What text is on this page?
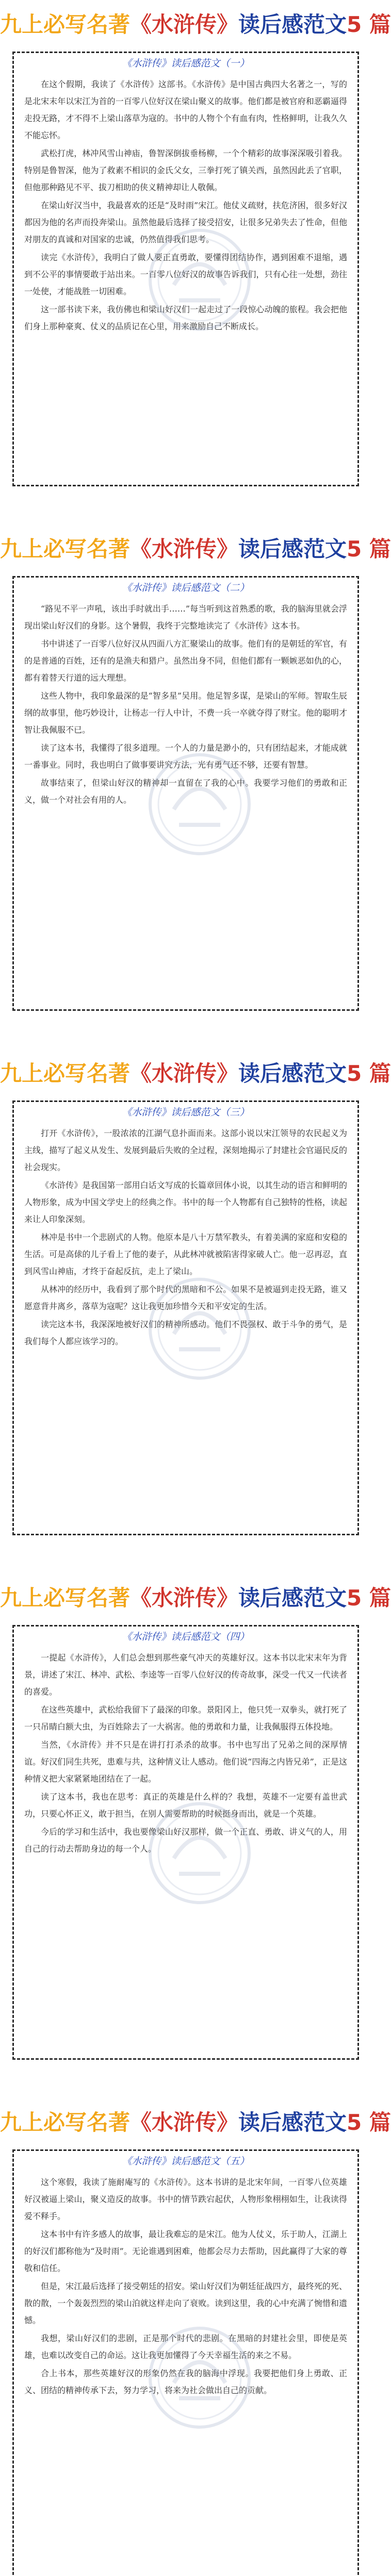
九上必写名著《水浒传》读后感范文5 篇
《水浒传》读后感范文（一）

在这个假期，我读了《水浒传》这部书。《水浒传》是中国古典四大名著之一，写的是北宋末年以宋江为首的一百零八位好汉在梁山聚义的故事。他们都是被官府和恶霸逼得走投无路，才不得不上梁山落草为寇的。书中的人物个个有血有肉，性格鲜明，让我久久不能忘怀。

武松打虎，林冲风雪山神庙，鲁智深倒拔垂杨柳，一个个精彩的故事深深吸引着我。特别是鲁智深，他为了救素不相识的金氏父女，三拳打死了镇关西，虽然因此丢了官职，但他那种路见不平、拔刀相助的侠义精神却让人敬佩。

在梁山好汉当中，我最喜欢的还是“及时雨”宋江。他仗义疏财，扶危济困，很多好汉都因为他的名声而投奔梁山。虽然他最后选择了接受招安，让很多兄弟失去了性命，但他对朋友的真诚和对国家的忠诚，仍然值得我们思考。

读完《水浒传》，我明白了做人要正直勇敢，要懂得团结协作，遇到困难不退缩，遇到不公平的事情要敢于站出来。一百零八位好汉的故事告诉我们，只有心往一处想，劲往一处使，才能战胜一切困难。

这一部书读下来，我仿佛也和梁山好汉们一起走过了一段惊心动魄的旅程。我会把他们身上那种豪爽、仗义的品质记在心里，用来激励自己不断成长。

九上必写名著《水浒传》读后感范文5 篇
《水浒传》读后感范文（二）

“路见不平一声吼，该出手时就出手……”每当听到这首熟悉的歌，我的脑海里就会浮现出梁山好汉们的身影。这个暑假，我终于完整地读完了《水浒传》这本书。

书中讲述了一百零八位好汉从四面八方汇聚梁山的故事。他们有的是朝廷的军官，有的是普通的百姓，还有的是渔夫和猎户。虽然出身不同，但他们都有一颗嫉恶如仇的心，都有着替天行道的远大理想。

这些人物中，我印象最深的是“智多星”吴用。他足智多谋，是梁山的军师。智取生辰纲的故事里，他巧妙设计，让杨志一行人中计，不费一兵一卒就夺得了财宝。他的聪明才智让我佩服不已。

读了这本书，我懂得了很多道理。一个人的力量是渺小的，只有团结起来，才能成就一番事业。同时，我也明白了做事要讲究方法，光有勇气还不够，还要有智慧。

故事结束了，但梁山好汉的精神却一直留在了我的心中。我要学习他们的勇敢和正义，做一个对社会有用的人。

九上必写名著《水浒传》读后感范文5 篇
《水浒传》读后感范文（三）

打开《水浒传》，一股浓浓的江湖气息扑面而来。这部小说以宋江领导的农民起义为主线，描写了起义从发生、发展到最后失败的全过程，深刻地揭示了封建社会官逼民反的社会现实。

《水浒传》是我国第一部用白话文写成的长篇章回体小说，以其生动的语言和鲜明的人物形象，成为中国文学史上的经典之作。书中的每一个人物都有自己独特的性格，读起来让人印象深刻。

林冲是书中一个悲剧式的人物。他原本是八十万禁军教头，有着美满的家庭和安稳的生活。可是高俅的儿子看上了他的妻子，从此林冲就被陷害得家破人亡。他一忍再忍，直到风雪山神庙，才终于奋起反抗，走上了梁山。

从林冲的经历中，我看到了那个时代的黑暗和不公。如果不是被逼到走投无路，谁又愿意背井离乡，落草为寇呢？这让我更加珍惜今天和平安定的生活。

读完这本书，我深深地被好汉们的精神所感动。他们不畏强权、敢于斗争的勇气，是我们每个人都应该学习的。

九上必写名著《水浒传》读后感范文5 篇
《水浒传》读后感范文（四）

一提起《水浒传》，人们总会想到那些豪气冲天的英雄好汉。这本书以北宋末年为背景，讲述了宋江、林冲、武松、李逵等一百零八位好汉的传奇故事，深受一代又一代读者的喜爱。

在这些英雄中，武松给我留下了最深的印象。景阳冈上，他只凭一双拳头，就打死了一只吊睛白额大虫，为百姓除去了一大祸害。他的勇敢和力量，让我佩服得五体投地。

当然，《水浒传》并不只是在讲打打杀杀的故事。书中也写出了兄弟之间的深厚情谊。好汉们同生共死，患难与共，这种情义让人感动。他们说“四海之内皆兄弟”，正是这种情义把大家紧紧地团结在了一起。

读了这本书，我也在思考：真正的英雄是什么样的？我想，英雄不一定要有盖世武功，只要心怀正义，敢于担当，在别人需要帮助的时候挺身而出，就是一个英雄。

今后的学习和生活中，我也要像梁山好汉那样，做一个正直、勇敢、讲义气的人，用自己的行动去帮助身边的每一个人。

九上必写名著《水浒传》读后感范文5 篇
《水浒传》读后感范文（五）

这个寒假，我读了施耐庵写的《水浒传》。这本书讲的是北宋年间，一百零八位英雄好汉被逼上梁山，聚义造反的故事。书中的情节跌宕起伏，人物形象栩栩如生，让我读得爱不释手。

这本书中有许多感人的故事，最让我难忘的是宋江。他为人仗义，乐于助人，江湖上的好汉们都称他为“及时雨”。无论谁遇到困难，他都会尽力去帮助，因此赢得了大家的尊敬和信任。

但是，宋江最后选择了接受朝廷的招安。梁山好汉们为朝廷征战四方，最终死的死、散的散，一个轰轰烈烈的梁山泊就这样走向了衰败。读到这里，我的心中充满了惋惜和遗憾。

我想，梁山好汉们的悲剧，正是那个时代的悲剧。在黑暗的封建社会里，即使是英雄，也难以改变自己的命运。这让我更加懂得了今天幸福生活的来之不易。

合上书本，那些英雄好汉的形象仍然在我的脑海中浮现。我要把他们身上勇敢、正义、团结的精神传承下去，努力学习，将来为社会做出自己的贡献。
